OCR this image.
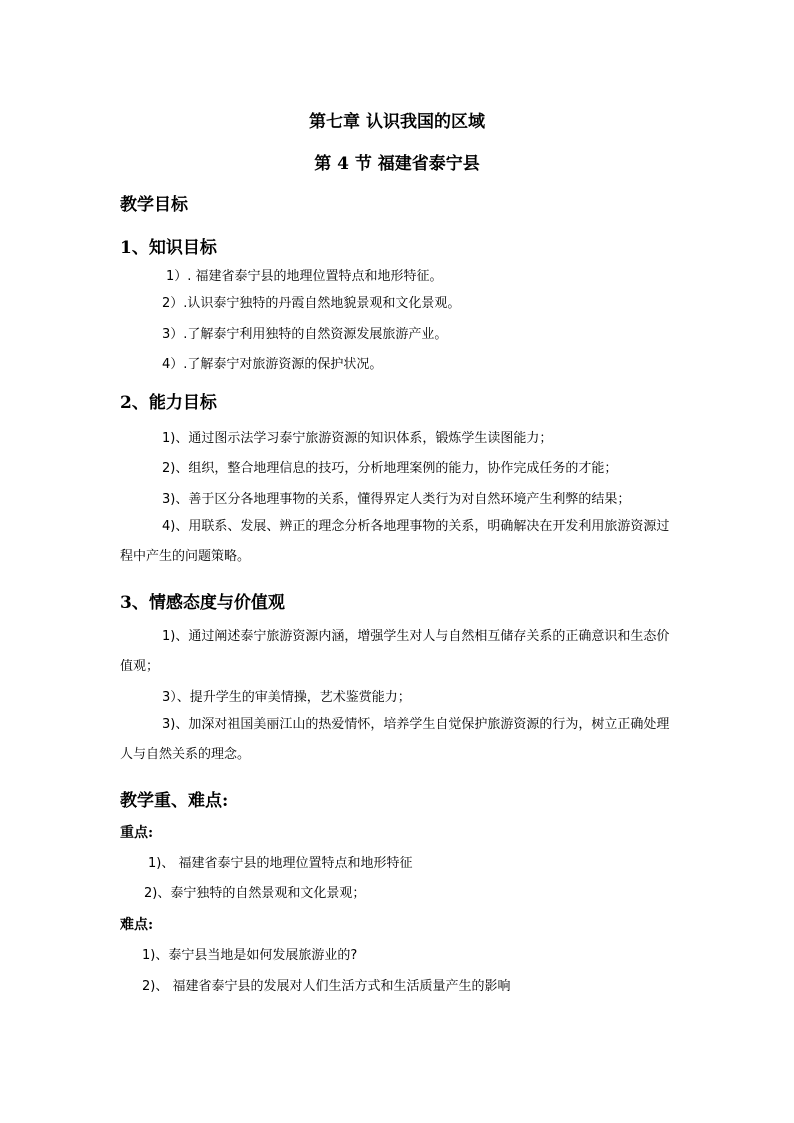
第七章 认识我国的区域
第 4 节 福建省泰宁县
教学目标
1、知识目标
1）. 福建省泰宁县的地理位置特点和地形特征。
2）.认识泰宁独特的丹霞自然地貌景观和文化景观。
3）.了解泰宁利用独特的自然资源发展旅游产业。
4）.了解泰宁对旅游资源的保护状况。
2、能力目标
1)、通过图示法学习泰宁旅游资源的知识体系，锻炼学生读图能力；
2)、组织，整合地理信息的技巧，分析地理案例的能力，协作完成任务的才能；
3)、善于区分各地理事物的关系，懂得界定人类行为对自然环境产生利弊的结果；
4)、用联系、发展、辨正的理念分析各地理事物的关系，明确解决在开发利用旅游资源过程中产生的问题策略。
3、情感态度与价值观
1)、通过阐述泰宁旅游资源内涵，增强学生对人与自然相互储存关系的正确意识和生态价值观；
3）、提升学生的审美情操，艺术鉴赏能力；
3)、加深对祖国美丽江山的热爱情怀，培养学生自觉保护旅游资源的行为，树立正确处理人与自然关系的理念。
教学重、难点:
重点:
1)、 福建省泰宁县的地理位置特点和地形特征
2)、泰宁独特的自然景观和文化景观；
难点:
1)、泰宁县当地是如何发展旅游业的?
2)、 福建省泰宁县的发展对人们生活方式和生活质量产生的影响
